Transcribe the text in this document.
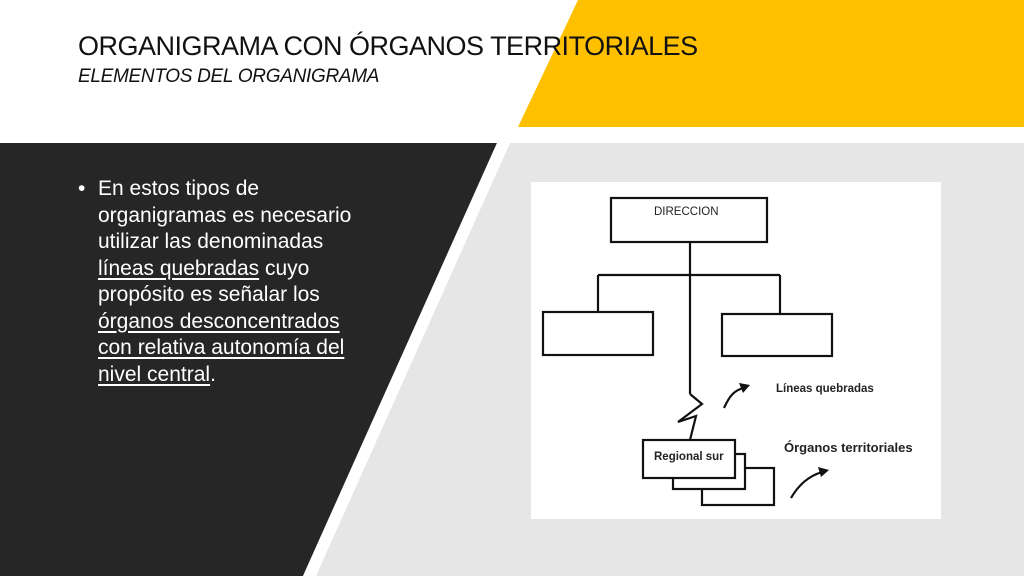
ORGANIGRAMA CON ÓRGANOS TERRITORIALES
ELEMENTOS DEL ORGANIGRAMA
• En estos tipos de organigramas es necesario utilizar las denominadas líneas quebradas cuyo propósito es señalar los órganos desconcentrados con relativa autonomía del nivel central.
DIRECCION
Regional sur
Líneas quebradas
Órganos territoriales
